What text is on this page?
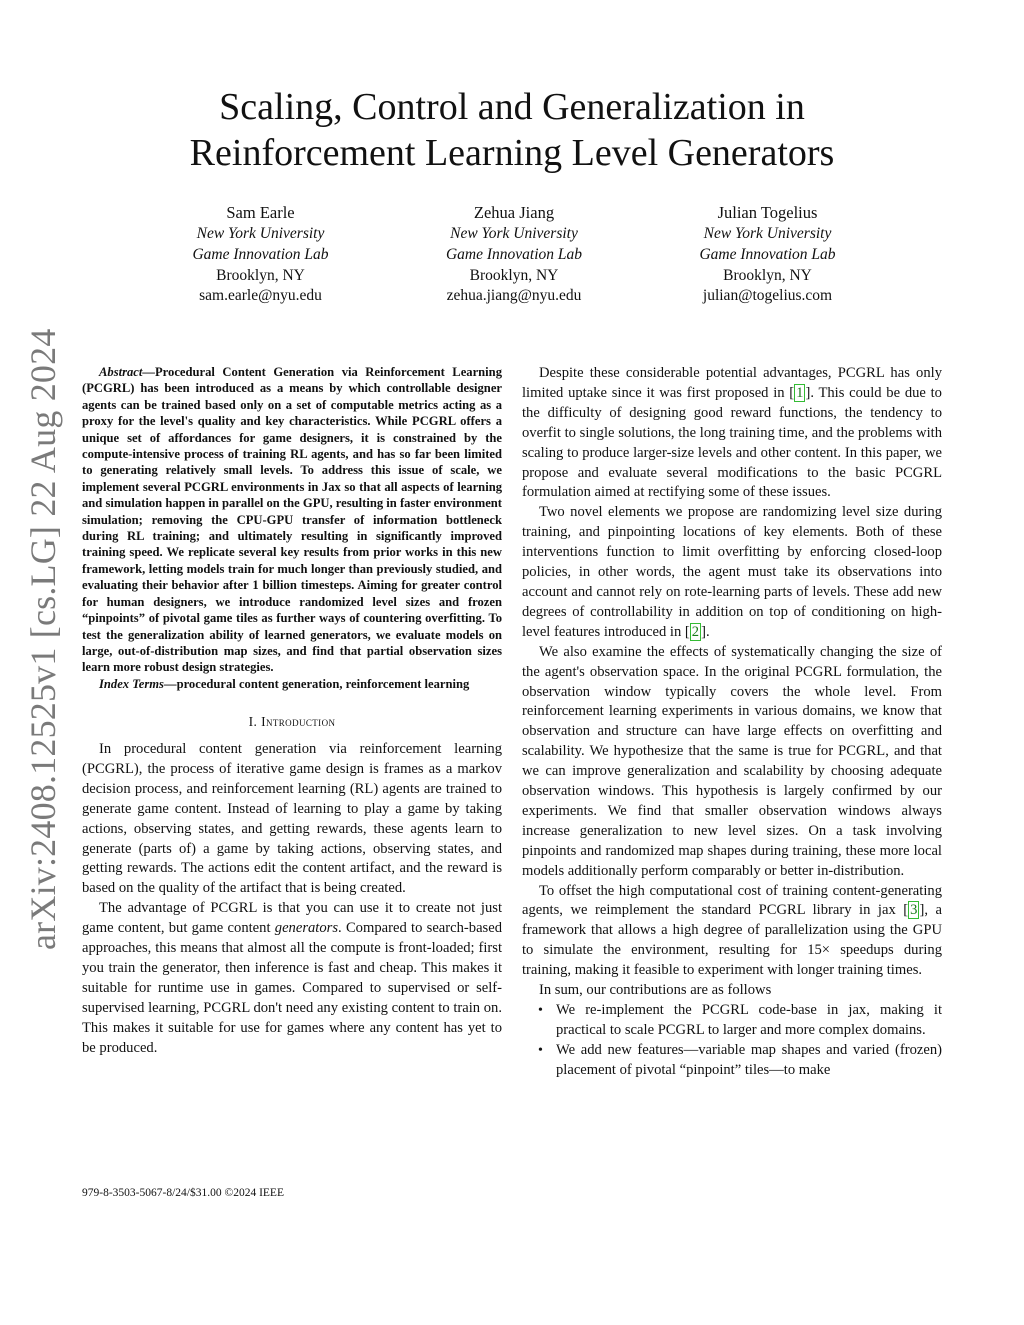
arXiv:2408.12525v1 [cs.LG] 22 Aug 2024
Scaling, Control and Generalization in
Reinforcement Learning Level Generators
Sam Earle
New York University
Game Innovation Lab
Brooklyn, NY
sam.earle@nyu.edu
Zehua Jiang
New York University
Game Innovation Lab
Brooklyn, NY
zehua.jiang@nyu.edu
Julian Togelius
New York University
Game Innovation Lab
Brooklyn, NY
julian@togelius.com

Abstract—Procedural Content Generation via Reinforcement Learning (PCGRL) has been introduced as a means by which controllable designer agents can be trained based only on a set of computable metrics acting as a proxy for the level's quality and key characteristics. While PCGRL offers a unique set of affordances for game designers, it is constrained by the compute-intensive process of training RL agents, and has so far been limited to generating relatively small levels. To address this issue of scale, we implement several PCGRL environments in Jax so that all aspects of learning and simulation happen in parallel on the GPU, resulting in faster environment simulation; removing the CPU-GPU transfer of information bottleneck during RL training; and ultimately resulting in significantly improved training speed. We replicate several key results from prior works in this new framework, letting models train for much longer than previously studied, and evaluating their behavior after 1 billion timesteps. Aiming for greater control for human designers, we introduce randomized level sizes and frozen “pinpoints” of pivotal game tiles as further ways of countering overfitting. To test the generalization ability of learned generators, we evaluate models on large, out-of-distribution map sizes, and find that partial observation sizes learn more robust design strategies.

Index Terms—procedural content generation, reinforcement learning

I. Introduction

In procedural content generation via reinforcement learning (PCGRL), the process of iterative game design is frames as a markov decision process, and reinforcement learning (RL) agents are trained to generate game content. Instead of learning to play a game by taking actions, observing states, and getting rewards, these agents learn to generate (parts of) a game by taking actions, observing states, and getting rewards. The actions edit the content artifact, and the reward is based on the quality of the artifact that is being created.

The advantage of PCGRL is that you can use it to create not just game content, but game content generators. Compared to search-based approaches, this means that almost all the compute is front-loaded; first you train the generator, then inference is fast and cheap. This makes it suitable for runtime use in games. Compared to supervised or self-supervised learning, PCGRL don't need any existing content to train on. This makes it suitable for use for games where any content has yet to be produced.

Despite these considerable potential advantages, PCGRL has only limited uptake since it was first proposed in [ 1 ]. This could be due to the difficulty of designing good reward functions, the tendency to overfit to single solutions, the long training time, and the problems with scaling to produce larger-size levels and other content. In this paper, we propose and evaluate several modifications to the basic PCGRL formulation aimed at rectifying some of these issues.

Two novel elements we propose are randomizing level size during training, and pinpointing locations of key elements. Both of these interventions function to limit overfitting by enforcing closed-loop policies, in other words, the agent must take its observations into account and cannot rely on rote-learning parts of levels. These add new degrees of controllability in addition on top of conditioning on high-level features introduced in [ 2 ].

We also examine the effects of systematically changing the size of the agent's observation space. In the original PCGRL formulation, the observation window typically covers the whole level. From reinforcement learning experiments in various domains, we know that observation and structure can have large effects on overfitting and scalability. We hypothesize that the same is true for PCGRL, and that we can improve generalization and scalability by choosing adequate observation windows. This hypothesis is largely confirmed by our experiments. We find that smaller observation windows always increase generalization to new level sizes. On a task involving pinpoints and randomized map shapes during training, these more local models additionally perform comparably or better in-distribution.

To offset the high computational cost of training content-generating agents, we reimplement the standard PCGRL library in jax [ 3 ], a framework that allows a high degree of parallelization using the GPU to simulate the environment, resulting for 15× speedups during training, making it feasible to experiment with longer training times.

In sum, our contributions are as follows

• We re-implement the PCGRL code-base in jax, making it practical to scale PCGRL to larger and more complex domains.
• We add new features—variable map shapes and varied (frozen) placement of pivotal “pinpoint” tiles—to make
979-8-3503-5067-8/24/$31.00 ©2024 IEEE
